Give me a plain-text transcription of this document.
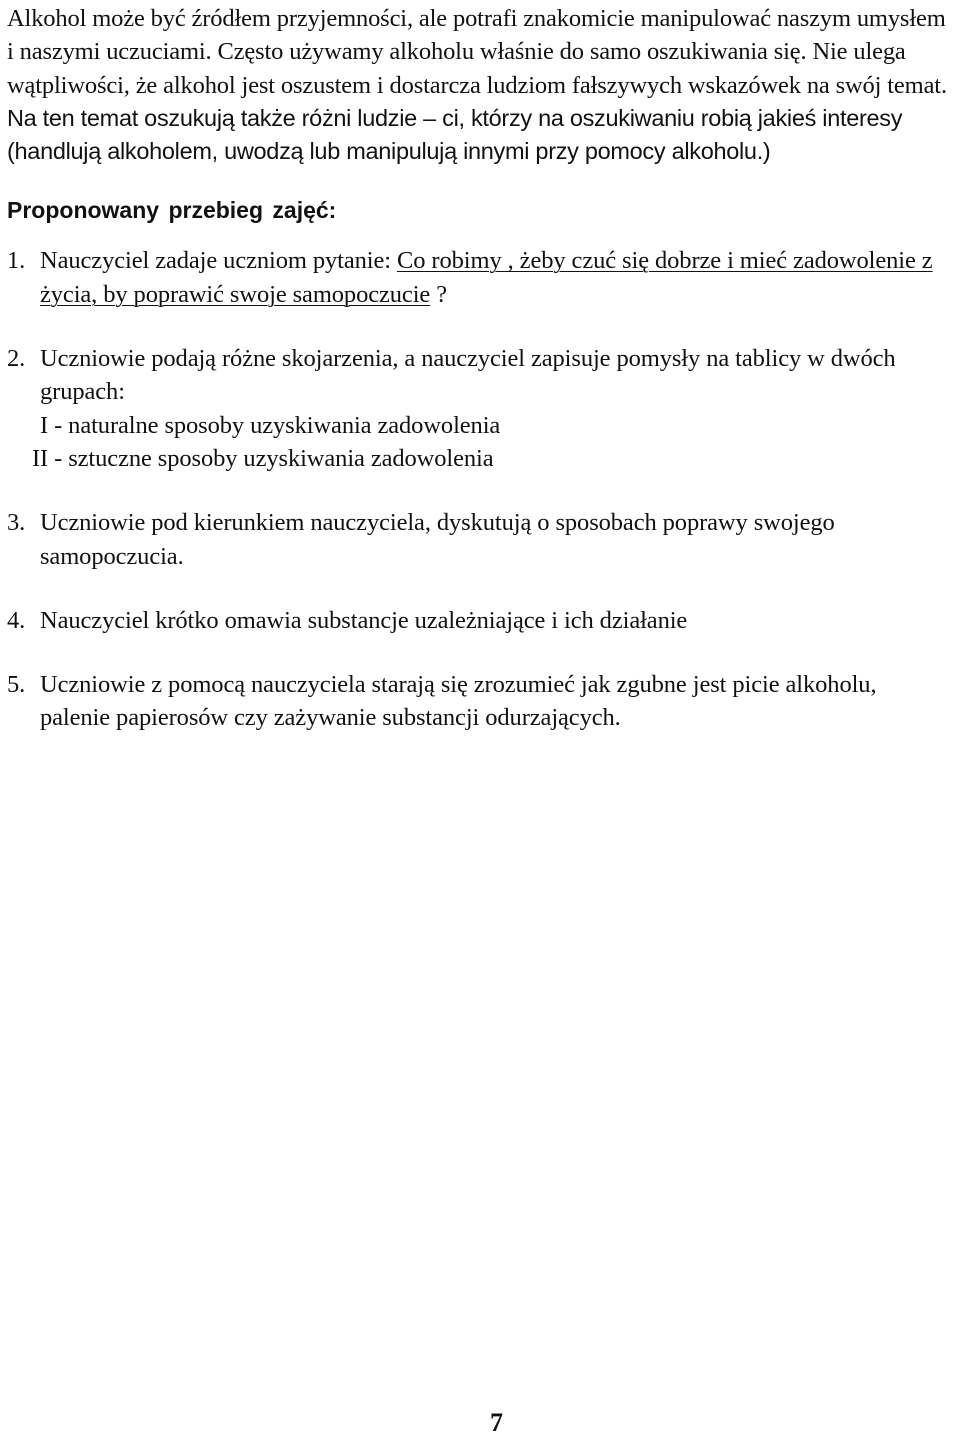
Alkohol może być źródłem przyjemności, ale potrafi znakomicie manipulować naszym umysłem i naszymi uczuciami. Często używamy alkoholu właśnie do samo oszukiwania się. Nie ulega wątpliwości, że alkohol jest oszustem i dostarcza ludziom fałszywych wskazówek na swój temat. Na ten temat oszukują także różni ludzie – ci, którzy na oszukiwaniu robią jakieś interesy (handlują alkoholem, uwodzą lub manipulują innymi przy pomocy alkoholu.)

Proponowany przebieg zajęć:
1. Nauczyciel zadaje uczniom pytanie: Co robimy , żeby czuć się dobrze i mieć zadowolenie z życia, by poprawić swoje samopoczucie ?
2. Uczniowie podają różne skojarzenia, a nauczyciel zapisuje pomysły na tablicy w dwóch grupach:
I - naturalne sposoby uzyskiwania zadowolenia
II - sztuczne sposoby uzyskiwania zadowolenia
3. Uczniowie pod kierunkiem nauczyciela, dyskutują o sposobach poprawy swojego samopoczucia.
4. Nauczyciel krótko omawia substancje uzależniające i ich działanie
5. Uczniowie z pomocą nauczyciela starają się zrozumieć jak zgubne jest picie alkoholu, palenie papierosów czy zażywanie substancji odurzających.
7
